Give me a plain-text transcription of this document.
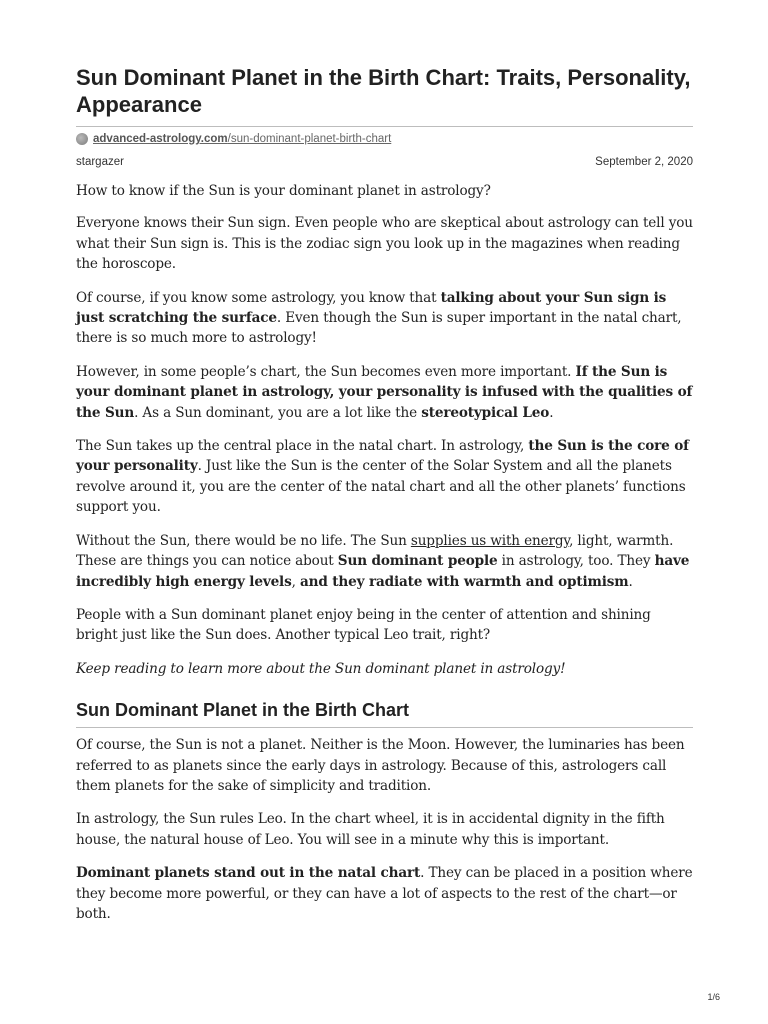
Sun Dominant Planet in the Birth Chart: Traits, Personality, Appearance
advanced-astrology.com/sun-dominant-planet-birth-chart
stargazer	September 2, 2020

How to know if the Sun is your dominant planet in astrology?

Everyone knows their Sun sign. Even people who are skeptical about astrology can tell you what their Sun sign is. This is the zodiac sign you look up in the magazines when reading the horoscope.

Of course, if you know some astrology, you know that talking about your Sun sign is just scratching the surface. Even though the Sun is super important in the natal chart, there is so much more to astrology!

However, in some people’s chart, the Sun becomes even more important. If the Sun is your dominant planet in astrology, your personality is infused with the qualities of the Sun. As a Sun dominant, you are a lot like the stereotypical Leo.

The Sun takes up the central place in the natal chart. In astrology, the Sun is the core of your personality. Just like the Sun is the center of the Solar System and all the planets revolve around it, you are the center of the natal chart and all the other planets’ functions support you.

Without the Sun, there would be no life. The Sun supplies us with energy, light, warmth. These are things you can notice about Sun dominant people in astrology, too. They have incredibly high energy levels, and they radiate with warmth and optimism.

People with a Sun dominant planet enjoy being in the center of attention and shining bright just like the Sun does. Another typical Leo trait, right?

Keep reading to learn more about the Sun dominant planet in astrology!

Sun Dominant Planet in the Birth Chart

Of course, the Sun is not a planet. Neither is the Moon. However, the luminaries has been referred to as planets since the early days in astrology. Because of this, astrologers call them planets for the sake of simplicity and tradition.

In astrology, the Sun rules Leo. In the chart wheel, it is in accidental dignity in the fifth house, the natural house of Leo. You will see in a minute why this is important.

Dominant planets stand out in the natal chart. They can be placed in a position where they become more powerful, or they can have a lot of aspects to the rest of the chart—or both.

1/6
